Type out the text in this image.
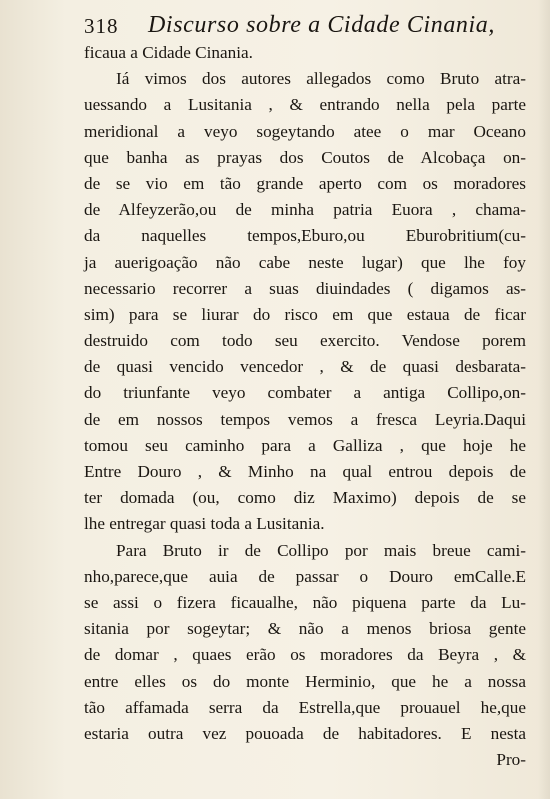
318 Discurso sobre a Cidade Cinania,
ficaua a Cidade Cinania.
Iá vimos dos autores allegados como Bruto atra-
uessando a Lusitania , & entrando nella pela parte
meridional a veyo sogeytando atee o mar Oceano
que banha as prayas dos Coutos de Alcobaça on-
de se vio em tão grande aperto com os moradores
de Alfeyzerão,ou de minha patria Euora , chama-
da naquelles tempos,Eburo,ou Eburobritium(cu-
ja auerigoação não cabe neste lugar) que lhe foy
necessario recorrer a suas diuindades ( digamos as-
sim) para se liurar do risco em que estaua de ficar
destruido com todo seu exercito. Vendose porem
de quasi vencido vencedor , & de quasi desbarata-
do triunfante veyo combater a antiga Collipo,on-
de em nossos tempos vemos a fresca Leyria.Daqui
tomou seu caminho para a Galliza , que hoje he
Entre Douro , & Minho na qual entrou depois de
ter domada (ou, como diz Maximo) depois de se
lhe entregar quasi toda a Lusitania.
Para Bruto ir de Collipo por mais breue cami-
nho,parece,que auia de passar o Douro emCalle.E
se assi o fizera ficaualhe, não piquena parte da Lu-
sitania por sogeytar; & não a menos briosa gente
de domar , quaes erão os moradores da Beyra , &
entre elles os do monte Herminio, que he a nossa
tão affamada serra da Estrella,que prouauel he,que
estaria outra vez pouoada de habitadores. E nesta
Pro-
